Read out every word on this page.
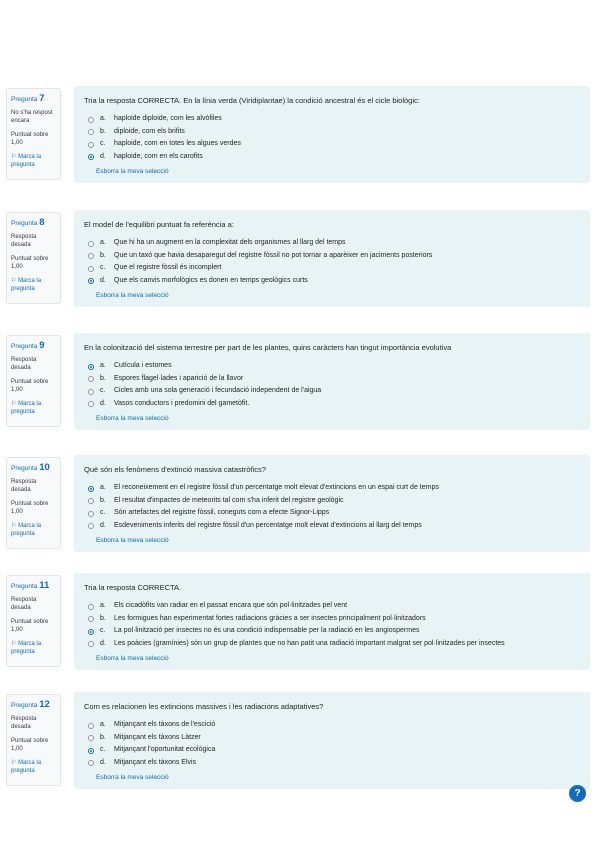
Pregunta 7
No s'ha respost encara
Puntuat sobre 1,00
⚐ Marca la pregunta
Tria la resposta CORRECTA. En la línia verda (Viridiplantae) la condició ancestral és el cicle biològic:
a. haploide diploide, com les alvòfiles
b. diploide, com els brifits
c. haploide, com en totes les algues verdes
d. haploide, com en els carofits
Esborra la meva selecció
Pregunta 8
Resposta desada
Puntuat sobre 1,00
⚐ Marca la pregunta
El model de l'equilibri puntuat fa referència a:
a. Que hi ha un augment en la complexitat dels organismes al llarg del temps
b. Que un taxó que havia desaparegut del registre fòssil no pot tornar a aparèixer en jaciments posteriors
c. Que el registre fòssil és incomplert
d. Que els canvis morfològics es donen en temps geològics curts
Esborra la meva selecció
Pregunta 9
Resposta desada
Puntuat sobre 1,00
⚐ Marca la pregunta
En la colonització del sistema terrestre per part de les plantes, quins caràcters han tingut importància evolutiva
a. Cutícula i estomes
b. Espores flagel·lades i aparició de la llavor
c. Cicles amb una sola generació i fecundació independent de l'aigua
d. Vasos conductors i predomini del gametòfit.
Esborra la meva selecció
Pregunta 10
Resposta desada
Puntuat sobre 1,00
⚐ Marca la pregunta
Què són els fenòmens d'extinció massiva catastròfics?
a. El reconeixement en el registre fòssil d'un percentatge molt elevat d'extincions en un espai curt de temps
b. El resultat d'impactes de meteorits tal com s'ha inferit del registre geològic
c. Són artefactes del registre fòssil, coneguts com a efecte Signor-Lipps
d. Esdeveniments inferits del registre fòssil d'un percentatge molt elevat d'extincions al llarg del temps
Esborra la meva selecció
Pregunta 11
Resposta desada
Puntuat sobre 1,00
⚐ Marca la pregunta
Tria la resposta CORRECTA.
a. Els cicadòfits van radiar en el passat encara que són pol·linitzades pel vent
b. Les formigues han experimentat fortes radiacions gràcies a ser insectes principalment pol·linitzadors
c. La pol·linització per insectes no és una condició indispensable per la radiació en les angiospermes
d. Les poàcies (gramínies) són un grup de plantes que no han patit una radiació important malgrat ser pol·linitzades per insectes
Esborra la meva selecció
Pregunta 12
Resposta desada
Puntuat sobre 1,00
⚐ Marca la pregunta
Com es relacionen les extincions massives i les radiacions adaptatives?
a. Mitjançant els tàxons de l'escició
b. Mitjançant els tàxons Làtzer
c. Mitjançant l'oportunitat ecològica
d. Mitjançant els tàxons Elvis
Esborra la meva selecció
?
